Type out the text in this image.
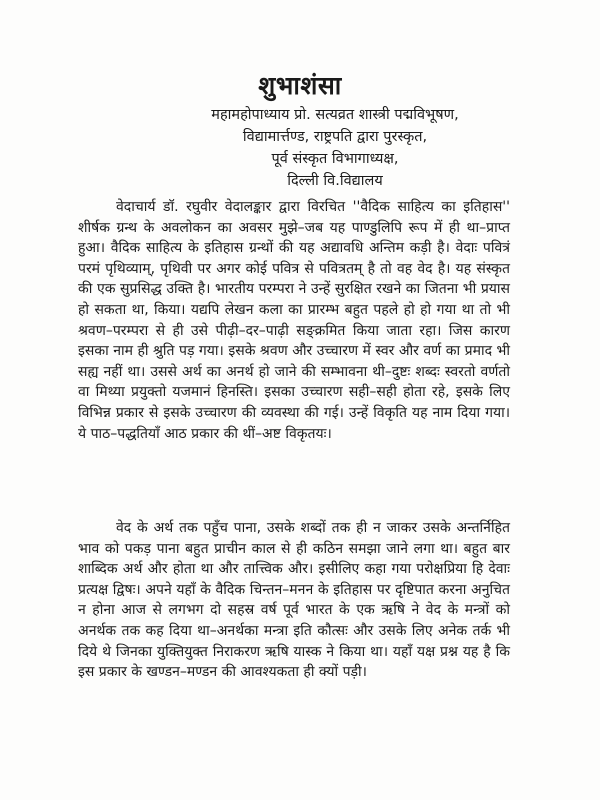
शुभाशंसा
महामहोपाध्याय प्रो. सत्यव्रत शास्त्री पद्मविभूषण,
विद्यामार्त्तण्ड, राष्ट्रपति द्वारा पुरस्कृत,
पूर्व संस्कृत विभागाध्यक्ष,
दिल्ली वि.विद्यालय
वेदाचार्य डॉ. रघुवीर वेदालङ्कार द्वारा विरचित ''वैदिक साहित्य का इतिहास'' शीर्षक ग्रन्थ के अवलोकन का अवसर मुझे–जब यह पाण्डुलिपि रूप में ही था–प्राप्त हुआ। वैदिक साहित्य के इतिहास ग्रन्थों की यह अद्यावधि अन्तिम कड़ी है। वेदाः पवित्रं परमं पृथिव्याम्, पृथिवी पर अगर कोई पवित्र से पवित्रतम् है तो वह वेद है। यह संस्कृत की एक सुप्रसिद्ध उक्ति है। भारतीय परम्परा ने उन्हें सुरक्षित रखने का जितना भी प्रयास हो सकता था, किया। यद्यपि लेखन कला का प्रारम्भ बहुत पहले हो हो गया था तो भी श्रवण–परम्परा से ही उसे पीढ़ी–दर–पाढ़ी सङ्क्रमित किया जाता रहा। जिस कारण इसका नाम ही श्रुति पड़ गया। इसके श्रवण और उच्चारण में स्वर और वर्ण का प्रमाद भी सह्य नहीं था। उससे अर्थ का अनर्थ हो जाने की सम्भावना थी–दुष्टः शब्दः स्वरतो वर्णतो वा मिथ्या प्रयुक्तो यजमानं हिनस्ति। इसका उच्चारण सही–सही होता रहे, इसके लिए विभिन्न प्रकार से इसके उच्चारण की व्यवस्था की गई। उन्हें विकृति यह नाम दिया गया। ये पाठ–पद्धतियाँ आठ प्रकार की थीं–अष्ट विकृतयः।
वेद के अर्थ तक पहुँच पाना, उसके शब्दों तक ही न जाकर उसके अन्तर्निहित भाव को पकड़ पाना बहुत प्राचीन काल से ही कठिन समझा जाने लगा था। बहुत बार शाब्दिक अर्थ और होता था और तात्त्विक और। इसीलिए कहा गया परोक्षप्रिया हि देवाः प्रत्यक्ष द्विषः। अपने यहाँ के वैदिक चिन्तन–मनन के इतिहास पर दृष्टिपात करना अनुचित न होना आज से लगभग दो सहस्र वर्ष पूर्व भारत के एक ऋषि ने वेद के मन्त्रों को अनर्थक तक कह दिया था–अनर्थका मन्त्रा इति कौत्सः और उसके लिए अनेक तर्क भी दिये थे जिनका युक्तियुक्त निराकरण ऋषि यास्क ने किया था। यहाँ यक्ष प्रश्न यह है कि इस प्रकार के खण्डन–मण्डन की आवश्यकता ही क्यों पड़ी।
